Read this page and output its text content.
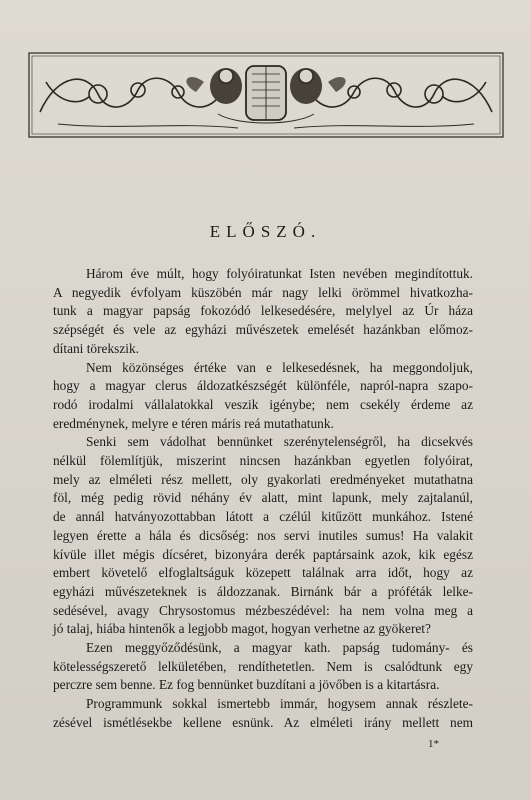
ELŐSZÓ.
Három éve múlt, hogy folyóiratunkat Isten nevében megindítottuk.
A negyedik évfolyam küszöbén már nagy lelki örömmel hivatkozha-
tunk a magyar papság fokozódó lelkesedésére, melylyel az Úr háza
szépségét és vele az egyházi művészetek emelését hazánkban előmoz-
dítani törekszik.
Nem közönséges értéke van e lelkesedésnek, ha meggondoljuk,
hogy a magyar clerus áldozatkészségét különféle, napról-napra szapo-
rodó irodalmi vállalatokkal veszik igénybe; nem csekély érdeme az
eredménynek, melyre e téren máris reá mutathatunk.
Senki sem vádolhat bennünket szerénytelenségről, ha dicsekvés
nélkül fölemlítjük, miszerint nincsen hazánkban egyetlen folyóirat,
mely az elméleti rész mellett, oly gyakorlati eredményeket mutathatna
föl, még pedig rövid néhány év alatt, mint lapunk, mely zajtalanúl,
de annál hatványozottabban látott a czélúl kitűzött munkához. Istené
legyen érette a hála és dicsőség: nos servi inutiles sumus! Ha valakit
kívüle illet mégis dícséret, bizonyára derék paptársaink azok, kik egész
embert követelő elfoglaltságuk közepett találnak arra időt, hogy az
egyházi művészeteknek is áldozzanak. Birnánk bár a próféták lelke-
sedésével, avagy Chrysostomus mézbeszédével: ha nem volna meg a
jó talaj, hiába hintenők a legjobb magot, hogyan verhetne az gyökeret?
Ezen meggyőződésünk, a magyar kath. papság tudomány- és
kötelességszerető lelkületében, rendíthetetlen. Nem is csalódtunk egy
perczre sem benne. Ez fog bennünket buzdítani a jövőben is a kitartásra.
Programmunk sokkal ismertebb immár, hogysem annak részlete-
zésével ismétlésekbe kellene esnünk. Az elméleti irány mellett nem
1*
